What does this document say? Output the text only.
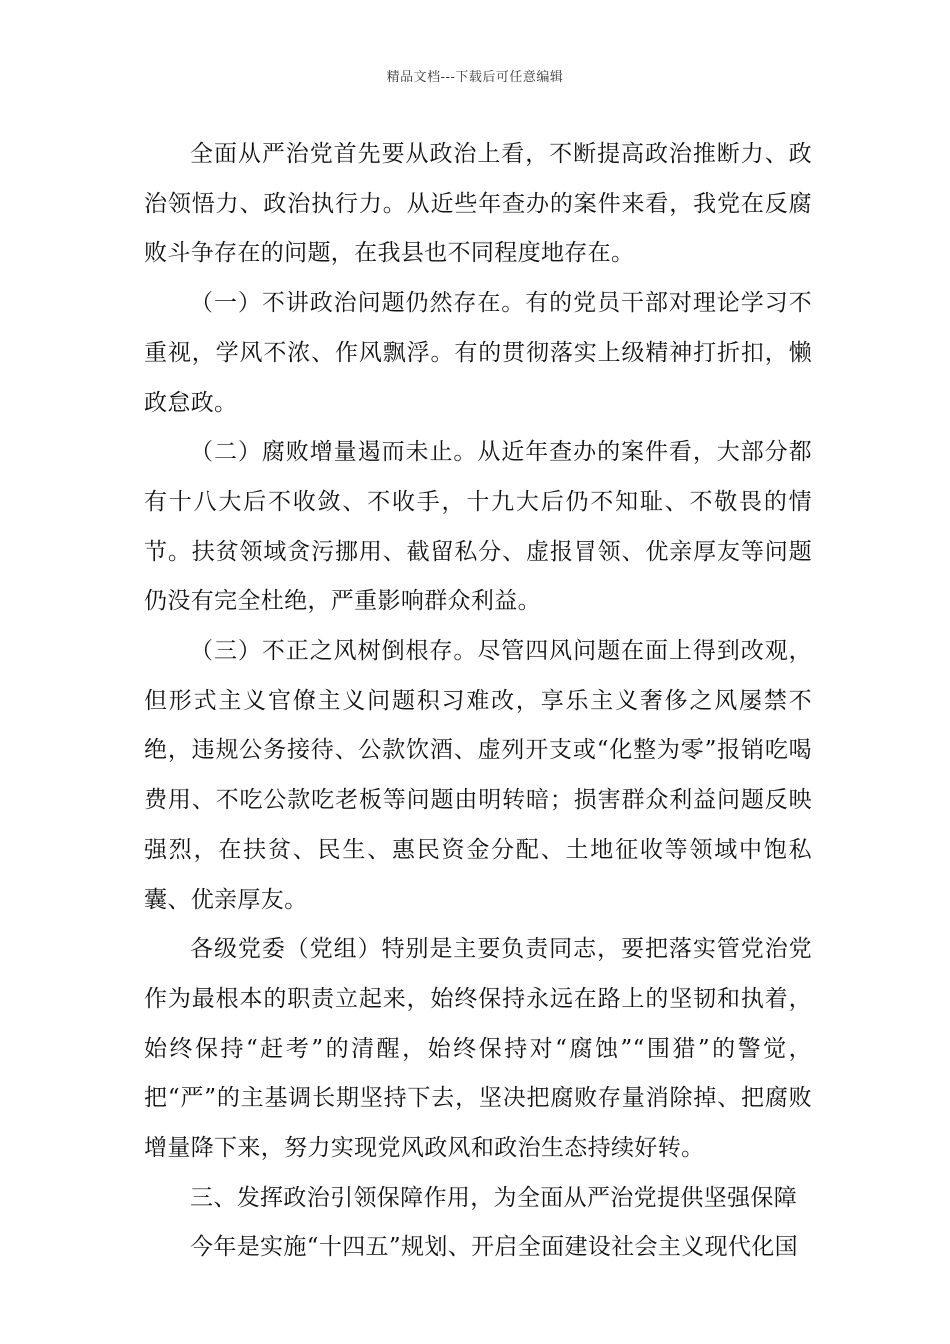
精品文档---下载后可任意编辑

全面从严治党首先要从政治上看，不断提高政治推断力、政治领悟力、政治执行力。从近些年查办的案件来看，我党在反腐败斗争存在的问题，在我县也不同程度地存在。

（一）不讲政治问题仍然存在。有的党员干部对理论学习不重视，学风不浓、作风飘浮。有的贯彻落实上级精神打折扣，懒政怠政。

（二）腐败增量遏而未止。从近年查办的案件看，大部分都有十八大后不收敛、不收手，十九大后仍不知耻、不敬畏的情节。扶贫领域贪污挪用、截留私分、虚报冒领、优亲厚友等问题仍没有完全杜绝，严重影响群众利益。

（三）不正之风树倒根存。尽管四风问题在面上得到改观，但形式主义官僚主义问题积习难改，享乐主义奢侈之风屡禁不绝，违规公务接待、公款饮酒、虚列开支或“化整为零”报销吃喝费用、不吃公款吃老板等问题由明转暗；损害群众利益问题反映强烈，在扶贫、民生、惠民资金分配、土地征收等领域中饱私囊、优亲厚友。

各级党委（党组）特别是主要负责同志，要把落实管党治党作为最根本的职责立起来，始终保持永远在路上的坚韧和执着，始终保持“赶考”的清醒，始终保持对“腐蚀”“围猎”的警觉，把“严”的主基调长期坚持下去，坚决把腐败存量消除掉、把腐败增量降下来，努力实现党风政风和政治生态持续好转。

三、发挥政治引领保障作用，为全面从严治党提供坚强保障

今年是实施“十四五”规划、开启全面建设社会主义现代化国
